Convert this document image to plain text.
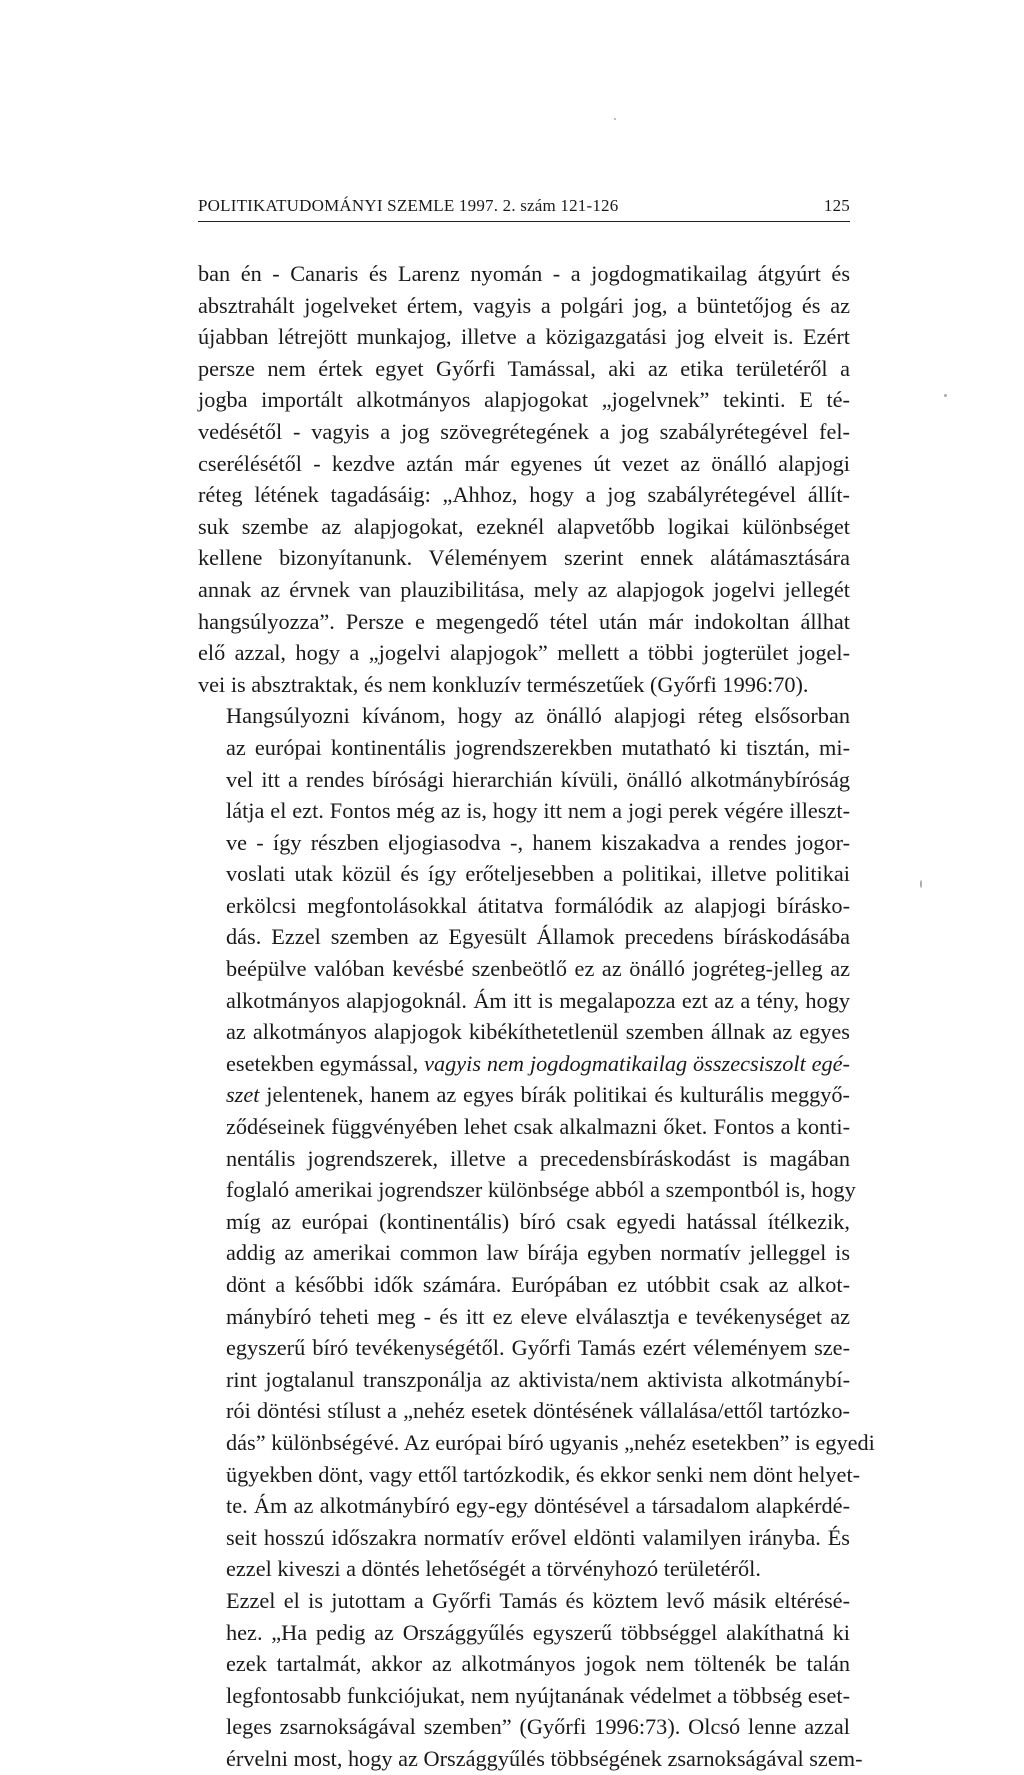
POLITIKATUDOMÁNYI SZEMLE 1997. 2. szám 121-126	125

ban én - Canaris és Larenz nyomán - a jogdogmatikailag átgyúrt és
absztrahált jogelveket értem, vagyis a polgári jog, a büntetőjog és az
újabban létrejött munkajog, illetve a közigazgatási jog elveit is. Ezért
persze nem értek egyet Győrfi Tamással, aki az etika területéről a
jogba importált alkotmányos alapjogokat „jogelvnek” tekinti. E té-
vedésétől - vagyis a jog szövegrétegének a jog szabályrétegével fel-
cserélésétől - kezdve aztán már egyenes út vezet az önálló alapjogi
réteg létének tagadásáig: „Ahhoz, hogy a jog szabályrétegével állít-
suk szembe az alapjogokat, ezeknél alapvetőbb logikai különbséget
kellene bizonyítanunk. Véleményem szerint ennek alátámasztására
annak az érvnek van plauzibilitása, mely az alapjogok jogelvi jellegét
hangsúlyozza”. Persze e megengedő tétel után már indokoltan állhat
elő azzal, hogy a „jogelvi alapjogok” mellett a többi jogterület jogel-
vei is absztraktak, és nem konkluzív természetűek (Győrfi 1996:70).

Hangsúlyozni kívánom, hogy az önálló alapjogi réteg elsősorban
az európai kontinentális jogrendszerekben mutatható ki tisztán, mi-
vel itt a rendes bírósági hierarchián kívüli, önálló alkotmánybíróság
látja el ezt. Fontos még az is, hogy itt nem a jogi perek végére illeszt-
ve - így részben eljogiasodva -, hanem kiszakadva a rendes jogor-
voslati utak közül és így erőteljesebben a politikai, illetve politikai
erkölcsi megfontolásokkal átitatva formálódik az alapjogi bírásko-
dás. Ezzel szemben az Egyesült Államok precedens bíráskodásába
beépülve valóban kevésbé szenbeötlő ez az önálló jogréteg-jelleg az
alkotmányos alapjogoknál. Ám itt is megalapozza ezt az a tény, hogy
az alkotmányos alapjogok kibékíthetetlenül szemben állnak az egyes
esetekben egymással, vagyis nem jogdogmatikailag összecsiszolt egé-
szet jelentenek, hanem az egyes bírák politikai és kulturális meggyő-
ződéseinek függvényében lehet csak alkalmazni őket. Fontos a konti-
nentális jogrendszerek, illetve a precedensbíráskodást is magában
foglaló amerikai jogrendszer különbsége abból a szempontból is, hogy
míg az európai (kontinentális) bíró csak egyedi hatással ítélkezik,
addig az amerikai common law bírája egyben normatív jelleggel is
dönt a későbbi idők számára. Európában ez utóbbit csak az alkot-
mánybíró teheti meg - és itt ez eleve elválasztja e tevékenységet az
egyszerű bíró tevékenységétől. Győrfi Tamás ezért véleményem sze-
rint jogtalanul transzponálja az aktivista/nem aktivista alkotmánybí-
rói döntési stílust a „nehéz esetek döntésének vállalása/ettől tartózko-
dás” különbségévé. Az európai bíró ugyanis „nehéz esetekben” is egyedi
ügyekben dönt, vagy ettől tartózkodik, és ekkor senki nem dönt helyet-
te. Ám az alkotmánybíró egy-egy döntésével a társadalom alapkérdé-
seit hosszú időszakra normatív erővel eldönti valamilyen irányba. És
ezzel kiveszi a döntés lehetőségét a törvényhozó területéről.

Ezzel el is jutottam a Győrfi Tamás és köztem levő másik eltérésé-
hez. „Ha pedig az Országgyűlés egyszerű többséggel alakíthatná ki
ezek tartalmát, akkor az alkotmányos jogok nem töltenék be talán
legfontosabb funkciójukat, nem nyújtanának védelmet a többség eset-
leges zsarnokságával szemben” (Győrfi 1996:73). Olcsó lenne azzal
érvelni most, hogy az Országgyűlés többségének zsarnokságával szem-
